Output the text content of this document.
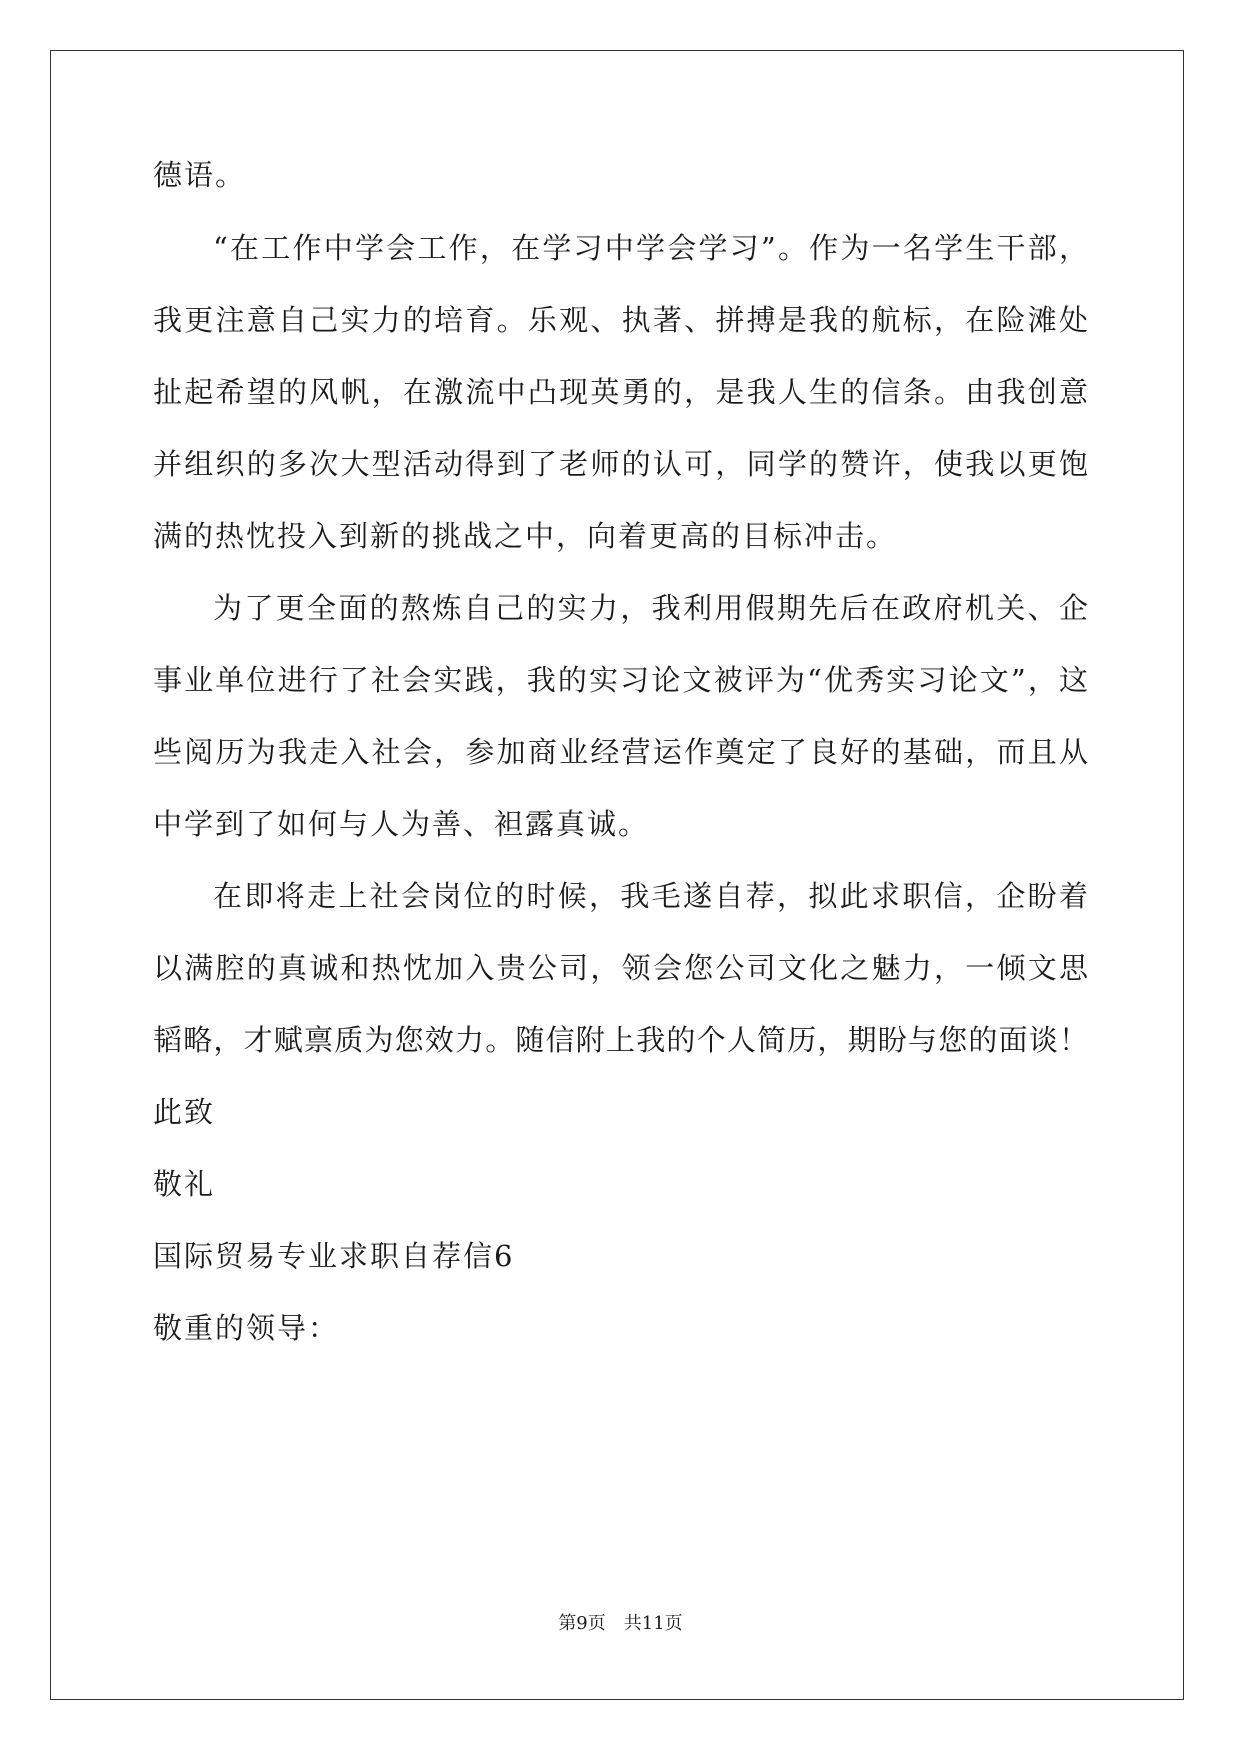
德语。
“在工作中学会工作，在学习中学会学习”。作为一名学生干部，
我更注意自己实力的培育。乐观、执著、拼搏是我的航标，在险滩处
扯起希望的风帆，在激流中凸现英勇的，是我人生的信条。由我创意
并组织的多次大型活动得到了老师的认可，同学的赞许，使我以更饱
满的热忱投入到新的挑战之中，向着更高的目标冲击。
为了更全面的熬炼自己的实力，我利用假期先后在政府机关、企
事业单位进行了社会实践，我的实习论文被评为“优秀实习论文”，这
些阅历为我走入社会，参加商业经营运作奠定了良好的基础，而且从
中学到了如何与人为善、袒露真诚。
在即将走上社会岗位的时候，我毛遂自荐，拟此求职信，企盼着
以满腔的真诚和热忱加入贵公司，领会您公司文化之魅力，一倾文思
韬略，才赋禀质为您效力。随信附上我的个人简历，期盼与您的面谈！
此致
敬礼
国际贸易专业求职自荐信6
敬重的领导：
第9页　共11页
